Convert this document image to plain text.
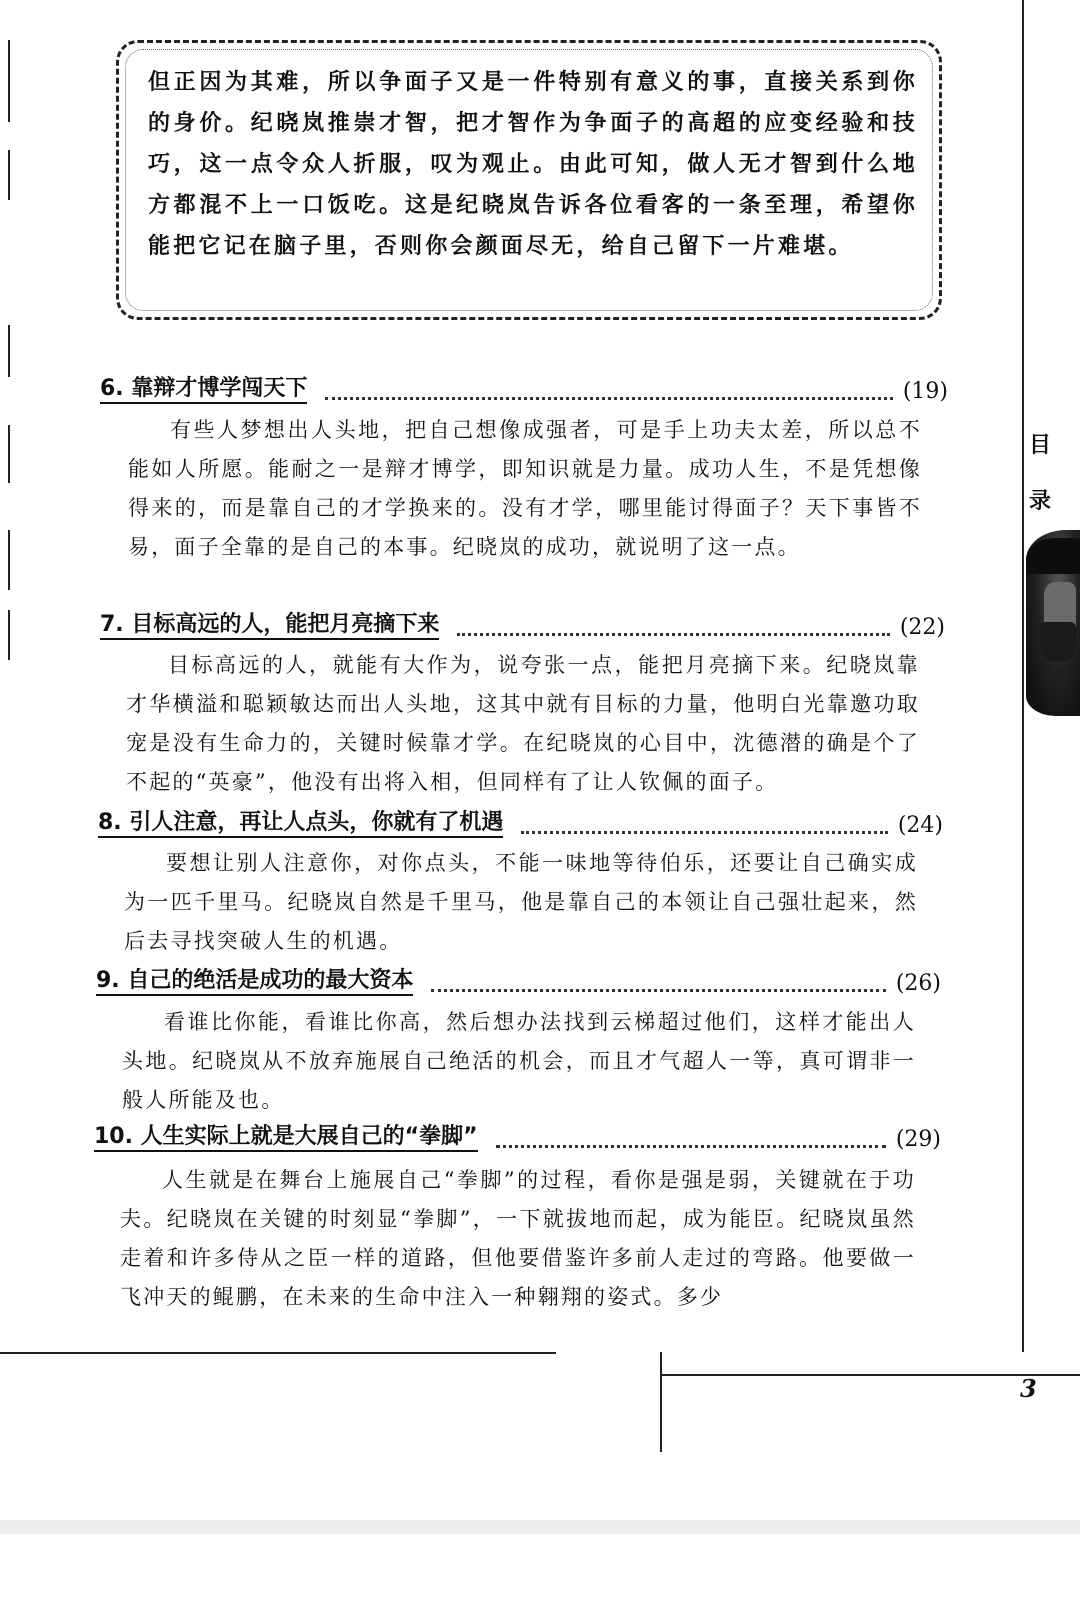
目
录
但正因为其难，所以争面子又是一件特别有意义的事，直接关系到你的身价。纪晓岚推崇才智，把才智作为争面子的高超的应变经验和技巧，这一点令众人折服，叹为观止。由此可知，做人无才智到什么地方都混不上一口饭吃。这是纪晓岚告诉各位看客的一条至理，希望你能把它记在脑子里，否则你会颜面尽无，给自己留下一片难堪。
6. 靠辩才博学闯天下	(19)
有些人梦想出人头地，把自己想像成强者，可是手上功夫太差，所以总不能如人所愿。能耐之一是辩才博学，即知识就是力量。成功人生，不是凭想像得来的，而是靠自己的才学换来的。没有才学，哪里能讨得面子？天下事皆不易，面子全靠的是自己的本事。纪晓岚的成功，就说明了这一点。
7. 目标高远的人，能把月亮摘下来	(22)
目标高远的人，就能有大作为，说夸张一点，能把月亮摘下来。纪晓岚靠才华横溢和聪颖敏达而出人头地，这其中就有目标的力量，他明白光靠邀功取宠是没有生命力的，关键时候靠才学。在纪晓岚的心目中，沈德潜的确是个了不起的“英豪”，他没有出将入相，但同样有了让人钦佩的面子。
8. 引人注意，再让人点头，你就有了机遇	(24)
要想让别人注意你，对你点头，不能一味地等待伯乐，还要让自己确实成为一匹千里马。纪晓岚自然是千里马，他是靠自己的本领让自己强壮起来，然后去寻找突破人生的机遇。
9. 自己的绝活是成功的最大资本	(26)
看谁比你能，看谁比你高，然后想办法找到云梯超过他们，这样才能出人头地。纪晓岚从不放弃施展自己绝活的机会，而且才气超人一等，真可谓非一般人所能及也。
10. 人生实际上就是大展自己的“拳脚”	(29)
人生就是在舞台上施展自己“拳脚”的过程，看你是强是弱，关键就在于功夫。纪晓岚在关键的时刻显“拳脚”，一下就拔地而起，成为能臣。纪晓岚虽然走着和许多侍从之臣一样的道路，但他要借鉴许多前人走过的弯路。他要做一飞冲天的鲲鹏，在未来的生命中注入一种翱翔的姿式。多少
3
